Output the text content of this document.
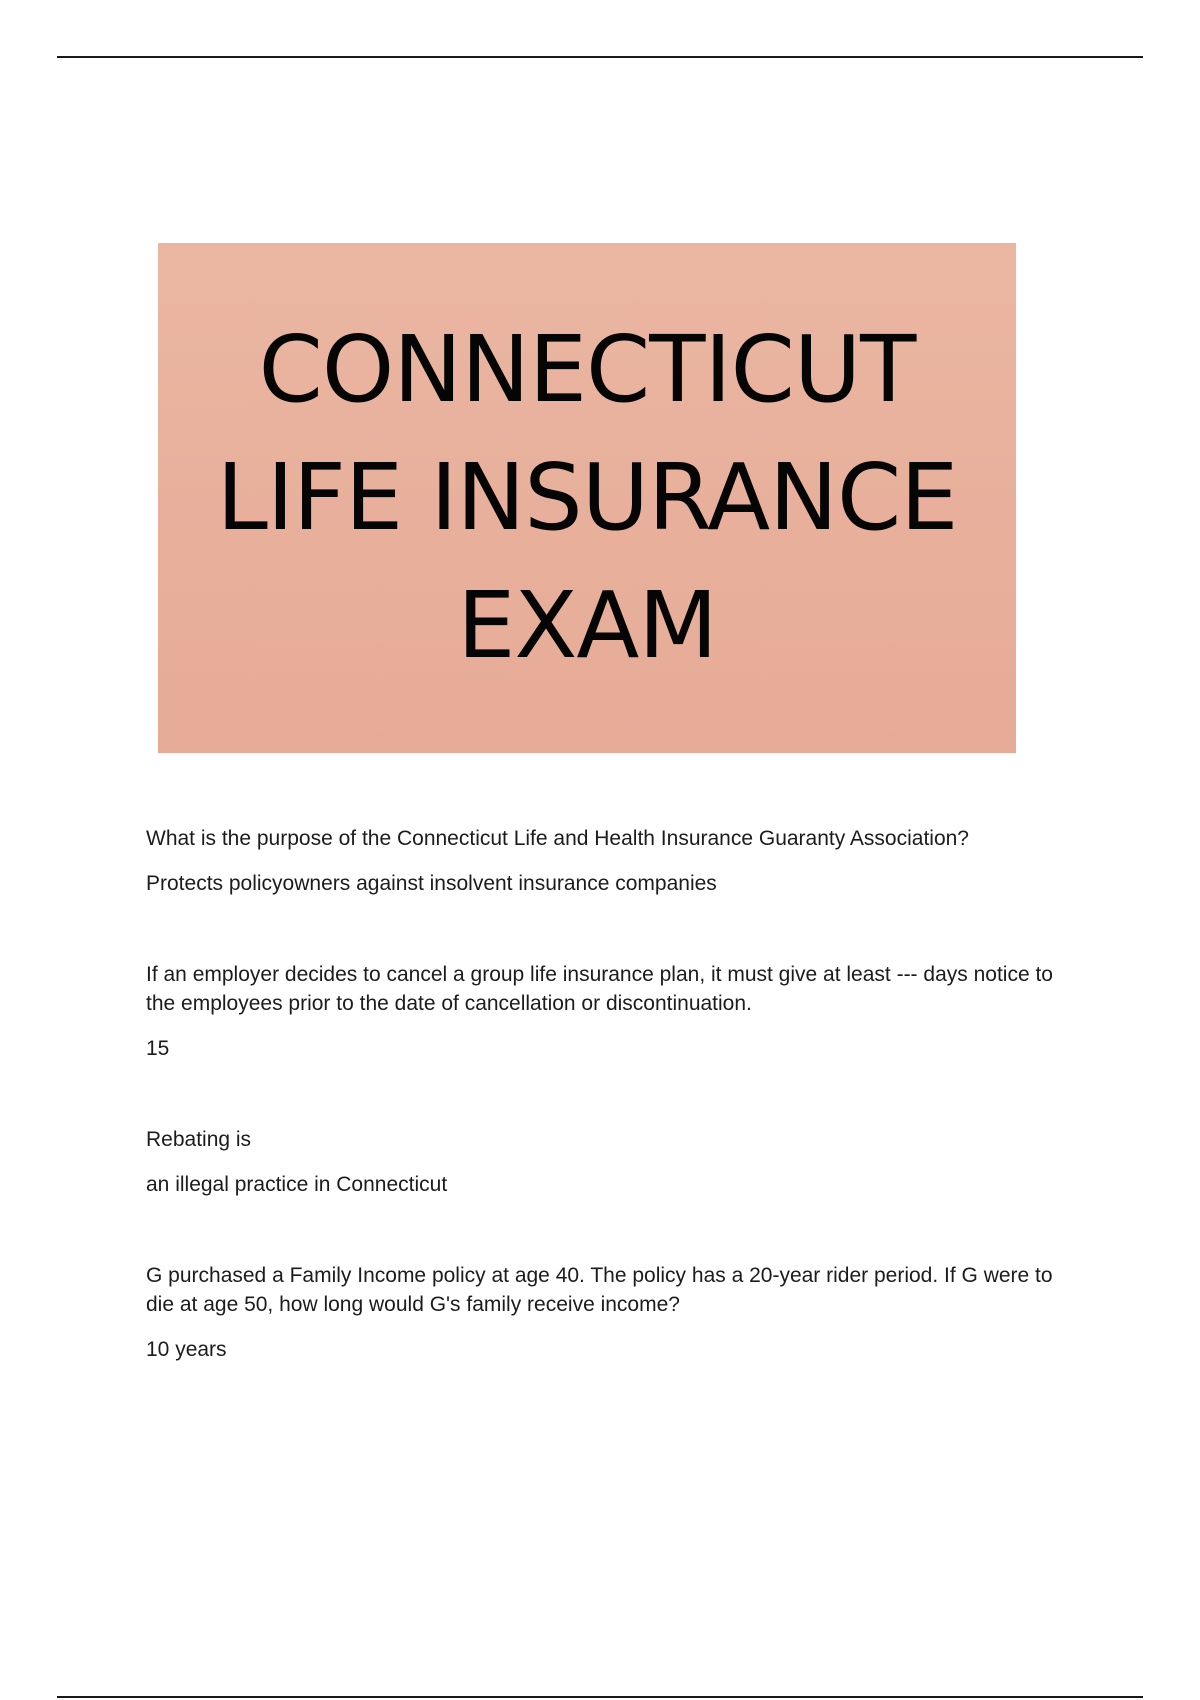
CONNECTICUT
LIFE INSURANCE
EXAM

What is the purpose of the Connecticut Life and Health Insurance Guaranty Association?

Protects policyowners against insolvent insurance companies

If an employer decides to cancel a group life insurance plan, it must give at least --- days notice to the employees prior to the date of cancellation or discontinuation.

15

Rebating is

an illegal practice in Connecticut

G purchased a Family Income policy at age 40. The policy has a 20-year rider period. If G were to die at age 50, how long would G's family receive income?

10 years
